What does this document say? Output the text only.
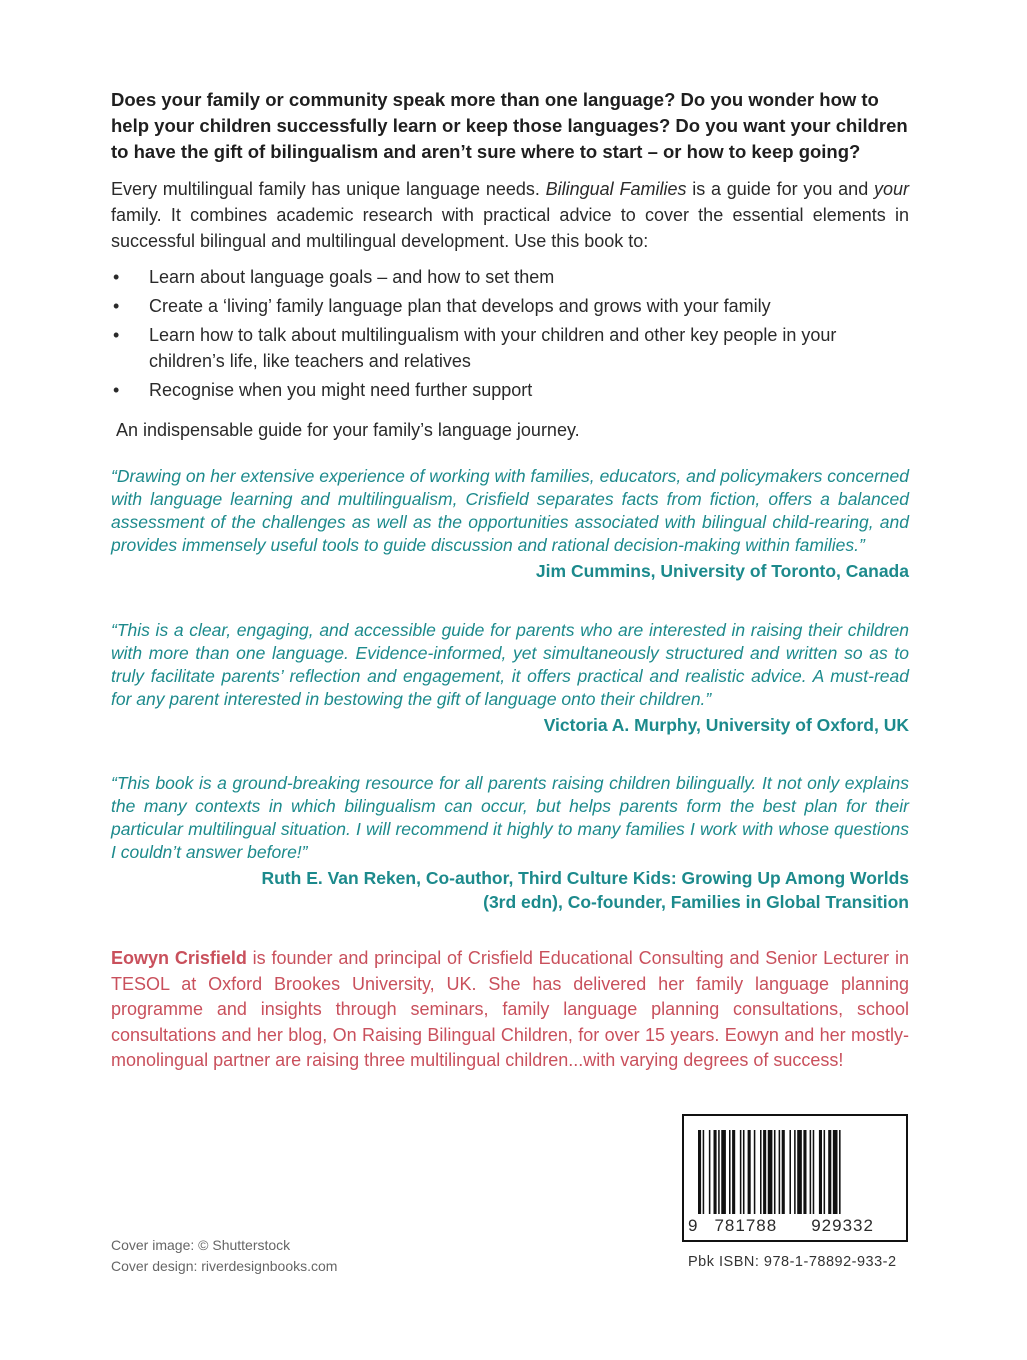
Does your family or community speak more than one language? Do you wonder how to help your children successfully learn or keep those languages? Do you want your children to have the gift of bilingualism and aren’t sure where to start – or how to keep going?

Every multilingual family has unique language needs. Bilingual Families is a guide for you and your family. It combines academic research with practical advice to cover the essential elements in successful bilingual and multilingual development. Use this book to:

• Learn about language goals – and how to set them
• Create a ‘living’ family language plan that develops and grows with your family
• Learn how to talk about multilingualism with your children and other key people in your children’s life, like teachers and relatives
• Recognise when you might need further support

An indispensable guide for your family’s language journey.

“Drawing on her extensive experience of working with families, educators, and policymakers concerned with language learning and multilingualism, Crisfield separates facts from fiction, offers a balanced assessment of the challenges as well as the opportunities associated with bilingual child-rearing, and provides immensely useful tools to guide discussion and rational decision-making within families.”

Jim Cummins, University of Toronto, Canada

“This is a clear, engaging, and accessible guide for parents who are interested in raising their children with more than one language. Evidence-informed, yet simultaneously structured and written so as to truly facilitate parents’ reflection and engagement, it offers practical and realistic advice. A must-read for any parent interested in bestowing the gift of language onto their children.”

Victoria A. Murphy, University of Oxford, UK

“This book is a ground-breaking resource for all parents raising children bilingually. It not only explains the many contexts in which bilingualism can occur, but helps parents form the best plan for their particular multilingual situation. I will recommend it highly to many families I work with whose questions I couldn’t answer before!”

Ruth E. Van Reken, Co-author, Third Culture Kids: Growing Up Among Worlds

(3rd edn), Co-founder, Families in Global Transition

Eowyn Crisfield is founder and principal of Crisfield Educational Consulting and Senior Lecturer in TESOL at Oxford Brookes University, UK. She has delivered her family language planning programme and insights through seminars, family language planning consultations, school consultations and her blog, On Raising Bilingual Children, for over 15 years. Eowyn and her mostly-monolingual partner are raising three multilingual children...with varying degrees of success!

9 781788 929332
Pbk ISBN: 978-1-78892-933-2
Cover image: © Shutterstock
Cover design: riverdesignbooks.com
